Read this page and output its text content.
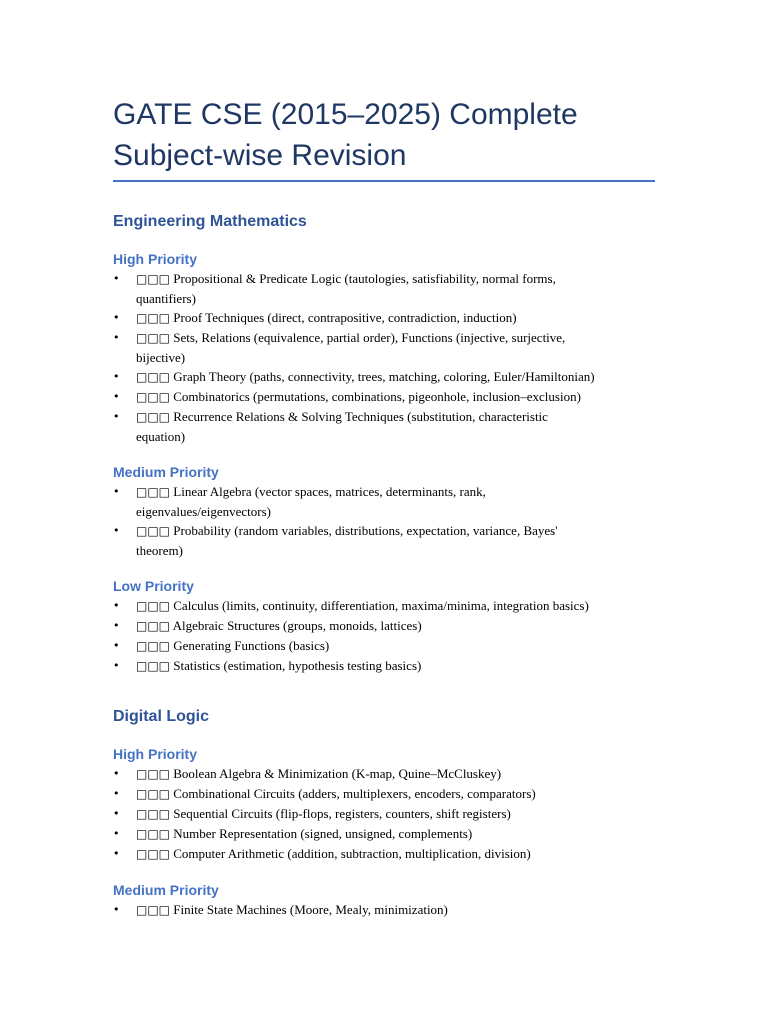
GATE CSE (2015–2025) Complete
Subject-wise Revision
Engineering Mathematics
High Priority
• □□□ Propositional & Predicate Logic (tautologies, satisfiability, normal forms,
quantifiers)
• □□□ Proof Techniques (direct, contrapositive, contradiction, induction)
• □□□ Sets, Relations (equivalence, partial order), Functions (injective, surjective,
bijective)
• □□□ Graph Theory (paths, connectivity, trees, matching, coloring, Euler/Hamiltonian)
• □□□ Combinatorics (permutations, combinations, pigeonhole, inclusion–exclusion)
• □□□ Recurrence Relations & Solving Techniques (substitution, characteristic
equation)
Medium Priority
• □□□ Linear Algebra (vector spaces, matrices, determinants, rank,
eigenvalues/eigenvectors)
• □□□ Probability (random variables, distributions, expectation, variance, Bayes'
theorem)
Low Priority
• □□□ Calculus (limits, continuity, differentiation, maxima/minima, integration basics)
• □□□ Algebraic Structures (groups, monoids, lattices)
• □□□ Generating Functions (basics)
• □□□ Statistics (estimation, hypothesis testing basics)
Digital Logic
High Priority
• □□□ Boolean Algebra & Minimization (K-map, Quine–McCluskey)
• □□□ Combinational Circuits (adders, multiplexers, encoders, comparators)
• □□□ Sequential Circuits (flip-flops, registers, counters, shift registers)
• □□□ Number Representation (signed, unsigned, complements)
• □□□ Computer Arithmetic (addition, subtraction, multiplication, division)
Medium Priority
• □□□ Finite State Machines (Moore, Mealy, minimization)
